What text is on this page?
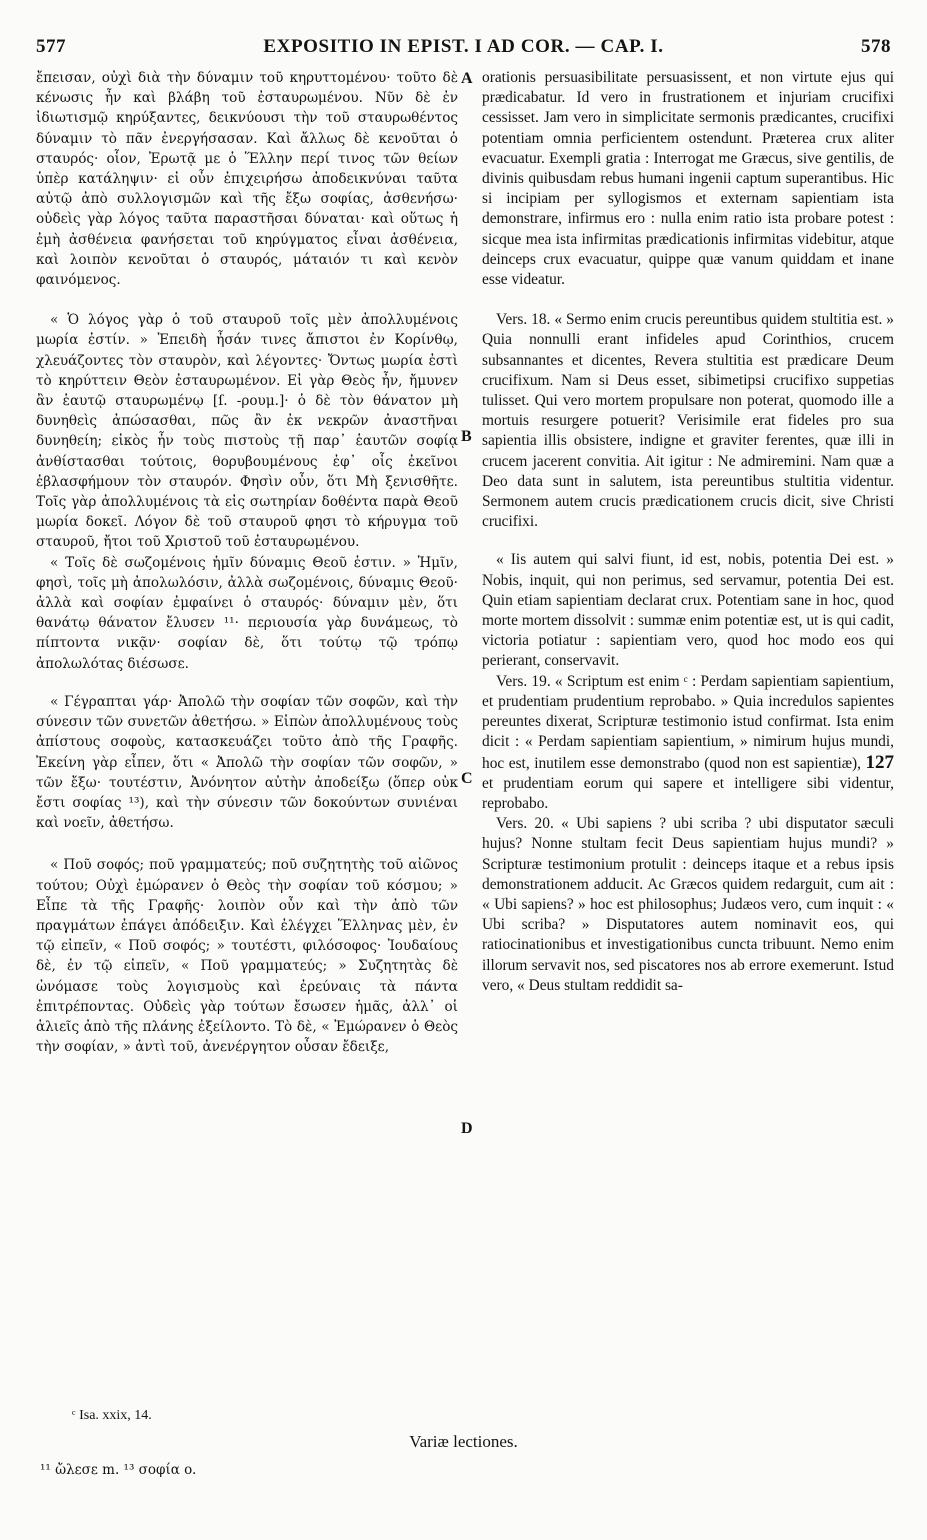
577	EXPOSITIO IN EPIST. I AD COR. — CAP. I.	578

ἔπεισαν, οὐχὶ διὰ τὴν δύναμιν τοῦ κηρυττομένου· τοῦτο δὲ κένωσις ἦν καὶ βλάβη τοῦ ἐσταυρωμένου. Νῦν δὲ ἐν ἰδιωτισμῷ κηρύξαντες, δεικνύουσι τὴν τοῦ σταυρωθέντος δύναμιν τὸ πᾶν ἐνεργήσασαν. Καὶ ἄλλως δὲ κενοῦται ὁ σταυρός· οἷον, Ἐρωτᾷ με ὁ Ἕλλην περί τινος τῶν θείων ὑπὲρ κατάληψιν· εἰ οὖν ἐπιχειρήσω ἀποδεικνύναι ταῦτα αὐτῷ ἀπὸ συλλογισμῶν καὶ τῆς ἔξω σοφίας, ἀσθενήσω· οὐδεὶς γὰρ λόγος ταῦτα παραστῆσαι δύναται· καὶ οὕτως ἡ ἐμὴ ἀσθένεια φανήσεται τοῦ κηρύγματος εἶναι ἀσθένεια, καὶ λοιπὸν κενοῦται ὁ σταυρός, μάταιόν τι καὶ κενὸν φαινόμενος.

« Ὁ λόγος γὰρ ὁ τοῦ σταυροῦ τοῖς μὲν ἀπολλυμένοις μωρία ἐστίν. » Ἐπειδὴ ἦσάν τινες ἄπιστοι ἐν Κορίνθῳ, χλευάζοντες τὸν σταυρὸν, καὶ λέγοντες· Ὄντως μωρία ἐστὶ τὸ κηρύττειν Θεὸν ἐσταυρωμένον. Εἰ γὰρ Θεὸς ἦν, ἤμυνεν ἂν ἑαυτῷ σταυρωμένῳ [ſ. -ρουμ.]· ὁ δὲ τὸν θάνατον μὴ δυνηθεὶς ἀπώσασθαι, πῶς ἂν ἐκ νεκρῶν ἀναστῆναι δυνηθείη; εἰκὸς ἦν τοὺς πιστοὺς τῇ παρ᾽ ἑαυτῶν σοφίᾳ ἀνθίστασθαι τούτοις, θορυβουμένους ἐφ᾽ οἷς ἐκεῖνοι ἐβλασφήμουν τὸν σταυρόν. Φησὶν οὖν, ὅτι Μὴ ξενισθῆτε. Τοῖς γὰρ ἀπολλυμένοις τὰ εἰς σωτηρίαν δοθέντα παρὰ Θεοῦ μωρία δοκεῖ. Λόγον δὲ τοῦ σταυροῦ φησι τὸ κήρυγμα τοῦ σταυροῦ, ἤτοι τοῦ Χριστοῦ τοῦ ἐσταυρωμένου.

« Τοῖς δὲ σωζομένοις ἡμῖν δύναμις Θεοῦ ἐστιν. » Ἡμῖν, φησὶ, τοῖς μὴ ἀπολωλόσιν, ἀλλὰ σωζομένοις, δύναμις Θεοῦ· ἀλλὰ καὶ σοφίαν ἐμφαίνει ὁ σταυρός· δύναμιν μὲν, ὅτι θανάτῳ θάνατον ἔλυσεν ¹¹· περιουσία γὰρ δυνάμεως, τὸ πίπτοντα νικᾷν· σοφίαν δὲ, ὅτι τούτῳ τῷ τρόπῳ ἀπολωλότας διέσωσε.

« Γέγραπται γάρ· Ἀπολῶ τὴν σοφίαν τῶν σοφῶν, καὶ τὴν σύνεσιν τῶν συνετῶν ἀθετήσω. » Εἰπὼν ἀπολλυμένους τοὺς ἀπίστους σοφοὺς, κατασκευάζει τοῦτο ἀπὸ τῆς Γραφῆς. Ἐκείνη γὰρ εἶπεν, ὅτι « Ἀπολῶ τὴν σοφίαν τῶν σοφῶν, » τῶν ἔξω· τουτέστιν, Ἀνόνητον αὐτὴν ἀποδείξω (ὅπερ οὐκ ἔστι σοφίας ¹³), καὶ τὴν σύνεσιν τῶν δοκούντων συνιέναι καὶ νοεῖν, ἀθετήσω.

« Ποῦ σοφός; ποῦ γραμματεύς; ποῦ συζητητὴς τοῦ αἰῶνος τούτου; Οὐχὶ ἐμώρανεν ὁ Θεὸς τὴν σοφίαν τοῦ κόσμου; » Εἶπε τὰ τῆς Γραφῆς· λοιπὸν οὖν καὶ τὴν ἀπὸ τῶν πραγμάτων ἐπάγει ἀπόδειξιν. Καὶ ἐλέγχει Ἕλληνας μὲν, ἐν τῷ εἰπεῖν, « Ποῦ σοφός; » τουτέστι, φιλόσοφος· Ἰουδαίους δὲ, ἐν τῷ εἰπεῖν, « Ποῦ γραμματεύς; » Συζητητὰς δὲ ὠνόμασε τοὺς λογισμοὺς καὶ ἐρεύναις τὰ πάντα ἐπιτρέποντας. Οὐδεὶς γὰρ τούτων ἔσωσεν ἡμᾶς, ἀλλ᾽ οἱ ἁλιεῖς ἀπὸ τῆς πλάνης ἐξείλοντο. Τὸ δὲ, « Ἐμώρανεν ὁ Θεὸς τὴν σοφίαν, » ἀντὶ τοῦ, ἀνενέργητον οὖσαν ἔδειξε,

orationis persuasibilitate persuasissent, et non virtute ejus qui prædicabatur. Id vero in frustrationem et injuriam crucifixi cessisset. Jam vero in simplicitate sermonis prædicantes, crucifixi potentiam omnia perficientem ostendunt. Præterea crux aliter evacuatur. Exempli gratia : Interrogat me Græcus, sive gentilis, de divinis quibusdam rebus humani ingenii captum superantibus. Hic si incipiam per syllogismos et externam sapientiam ista demonstrare, infirmus ero : nulla enim ratio ista probare potest : sicque mea ista infirmitas prædicationis infirmitas videbitur, atque deinceps crux evacuatur, quippe quæ vanum quiddam et inane esse videatur.

Vers. 18. « Sermo enim crucis pereuntibus quidem stultitia est. » Quia nonnulli erant infideles apud Corinthios, crucem subsannantes et dicentes, Revera stultitia est prædicare Deum crucifixum. Nam si Deus esset, sibimetipsi crucifixo suppetias tulisset. Qui vero mortem propulsare non poterat, quomodo ille a mortuis resurgere potuerit? Verisimile erat fideles pro sua sapientia illis obsistere, indigne et graviter ferentes, quæ illi in crucem jacerent convitia. Ait igitur : Ne admiremini. Nam quæ a Deo data sunt in salutem, ista pereuntibus stultitia videntur. Sermonem autem crucis prædicationem crucis dicit, sive Christi crucifixi.

« Iis autem qui salvi fiunt, id est, nobis, potentia Dei est. » Nobis, inquit, qui non perimus, sed servamur, potentia Dei est. Quin etiam sapientiam declarat crux. Potentiam sane in hoc, quod morte mortem dissolvit : summæ enim potentiæ est, ut is qui cadit, victoria potiatur : sapientiam vero, quod hoc modo eos qui perierant, conservavit.

Vers. 19. « Scriptum est enim ᶜ : Perdam sapientiam sapientium, et prudentiam prudentium reprobabo. » Quia incredulos sapientes pereuntes dixerat, Scripturæ testimonio istud confirmat. Ista enim dicit : « Perdam sapientiam sapientium, » nimirum hujus mundi, hoc est, inutilem esse demonstrabo (quod non est sapientiæ), 127 et prudentiam eorum qui sapere et intelligere sibi videntur, reprobabo.

Vers. 20. « Ubi sapiens ? ubi scriba ? ubi disputator sæculi hujus? Nonne stultam fecit Deus sapientiam hujus mundi? » Scripturæ testimonium protulit : deinceps itaque et a rebus ipsis demonstrationem adducit. Ac Græcos quidem redarguit, cum ait : « Ubi sapiens? » hoc est philosophus; Judæos vero, cum inquit : « Ubi scriba? » Disputatores autem nominavit eos, qui ratiocinationibus et investigationibus cuncta tribuunt. Nemo enim illorum servavit nos, sed piscatores nos ab errore exemerunt. Istud vero, « Deus stultam reddidit sa-

A
B
C
D
ᶜ Isa. xxix, 14.
Variæ lectiones.
¹¹ ὤλεσε m. ¹³ σοφία o.
